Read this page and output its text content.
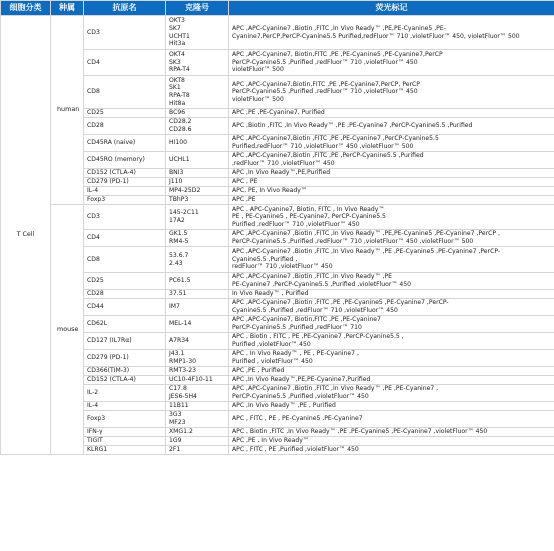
细胞分类	种属	抗原名	克隆号	荧光标记
T Cell	human	CD3	OKT3
SK7
UCHT1
Hit3a	APC ,APC-Cyanine7 ,Biotin ,FITC ,In Vivo Ready™ ,PE,PE-Cyanine5 ,PE-
Cyanine7,PerCP,PerCP-Cyanine5.5 Purified,redFluor™ 710 ,violetFluor™ 450, violetFluor™ 500

		CD4	OKT4
SK3
RPA-T4	APC ,APC-Cyanine7, Biotin,FITC ,PE ,PE-Cyanine5 ,PE-Cyanine7,PerCP
PerCP-Cyanine5.5 ,Purified ,redFluor™ 710 ,violetFluor™ 450
violetFluor™ 500

		CD8	OKT8
SK1
RPA-T8
Hit8a	APC ,APC-Cyanine7,Biotin,FITC ,PE ,PE-Cyanine7,PerCP, PerCP
PerCP-Cyanine5.5 ,Purified ,redFluor™ 710 ,violetFluor™ 450
violetFluor™ 500

		CD25	BC96	APC ,PE ,PE-Cyanine7, Purified

		CD28	CD28.2
CD28.6	APC ,Biotin ,FITC ,In Vivo Ready™ ,PE ,PE-Cyanine7 ,PerCP-Cyanine5.5 ,Purified

		CD45RA (naive)	HI100	APC ,APC-Cyanine7,Biotin ,FITC ,PE ,PE-Cyanine7 ,PerCP-Cyanine5.5
Purified,redFluor™ 710 ,violetFluor™ 450 ,violetFluor™ 500

		CD45RO (memory)	UCHL1	APC ,APC-Cyanine7,Biotin ,FITC ,PE ,PerCP-Cyanine5.5 ,Purified
,redFluor™ 710 ,violetFluor™ 450

		CD152 (CTLA-4)	BNI3	APC ,In Vivo Ready™,PE,Purified

		CD279 (PD-1)	J110	APC , PE

		IL-4	MP4-25D2	APC, PE, In Vivo Ready™

		Foxp3	TBhP3	APC ,PE

	mouse	CD3	145-2C11
17A2	APC , APC-Cyanine7, Biotin, FITC , In Vivo Ready™
PE , PE-Cyanine5 , PE-Cyanine7, PerCP-Cyanine5.5
Purified ,redFluor™ 710 ,violetFluor™ 450

		CD4	GK1.5
RM4-5	APC ,APC-Cyanine7 ,Biotin ,FITC ,In Vivo Ready™ ,PE,PE-Cyanine5 ,PE-Cyanine7 ,PerCP ,
PerCP-Cyanine5.5 ,Purified ,redFluor™ 710 ,violetFluor™ 450 ,violetFluor™ 500

		CD8	53.6.7
2.43	APC ,APC-Cyanine7 ,Biotin ,FITC ,In Vivo Ready™ ,PE ,PE-Cyanine5 ,PE-Cyanine7 ,PerCP-
Cyanine5.5 ,Purified ,
redFluor™ 710 ,violetFluor™ 450

		CD25	PC61.5	APC ,APC-Cyanine7 ,Biotin ,FITC ,In Vivo Ready™ ,PE
PE-Cyanine7 ,PerCP-Cyanine5.5 ,Purified ,violetFluor™ 450

		CD28	37.51	In Vivo Ready™ , Purified

		CD44	IM7	APC ,APC-Cyanine7 ,Biotin ,FITC ,PE ,PE-Cyanine5 ,PE-Cyanine7 ,PerCP-
Cyanine5.5 ,Purified ,redFluor™ 710 ,violetFluor™ 450

		CD62L	MEL-14	APC ,APC-Cyanine7, Biotin,FITC ,PE ,PE-Cyanine7
PerCP-Cyanine5.5 ,Purified ,redFluor™ 710

		CD127 (IL7Rα)	A7R34	APC , Biotin , FITC , PE ,PE-Cyanine7 ,PerCP-Cyanine5.5 ,
Purified ,violetFluor™ 450

		CD279 (PD-1)	J43.1
RMP1-30	APC , In Vivo Ready™ , PE , PE-Cyanine7 ,
Purified , violetFluor™ 450

		CD366(TIM-3)	RMT3-23	APC ,PE , Purified

		CD152 (CTLA-4)	UC10-4F10-11	APC ,In Vivo Ready™,PE,PE-Cyanine7,Purified

		IL-2	C17.8
JES6-5H4	APC ,APC-Cyanine7 ,Biotin ,FITC ,In Vivo Ready™ ,PE ,PE-Cyanine7 ,
PerCP-Cyanine5.5 ,Purified ,violetFluor™ 450

		IL-4	11B11	APC ,In Vivo Ready™ ,PE , Purified

		Foxp3	3G3
MF23	APC , FITC , PE , PE-Cyanine5 ,PE-Cyanine7

		IFN-γ	XMG1.2	APC , Biotin ,FITC ,In Vivo Ready™ ,PE ,PE-Cyanine5 ,PE-Cyanine7 ,violetFluor™ 450

		TIGIT	1G9	APC ,PE , In Vivo Ready™

		KLRG1	2F1	APC , FITC , PE ,Purified ,violetFluor™ 450
